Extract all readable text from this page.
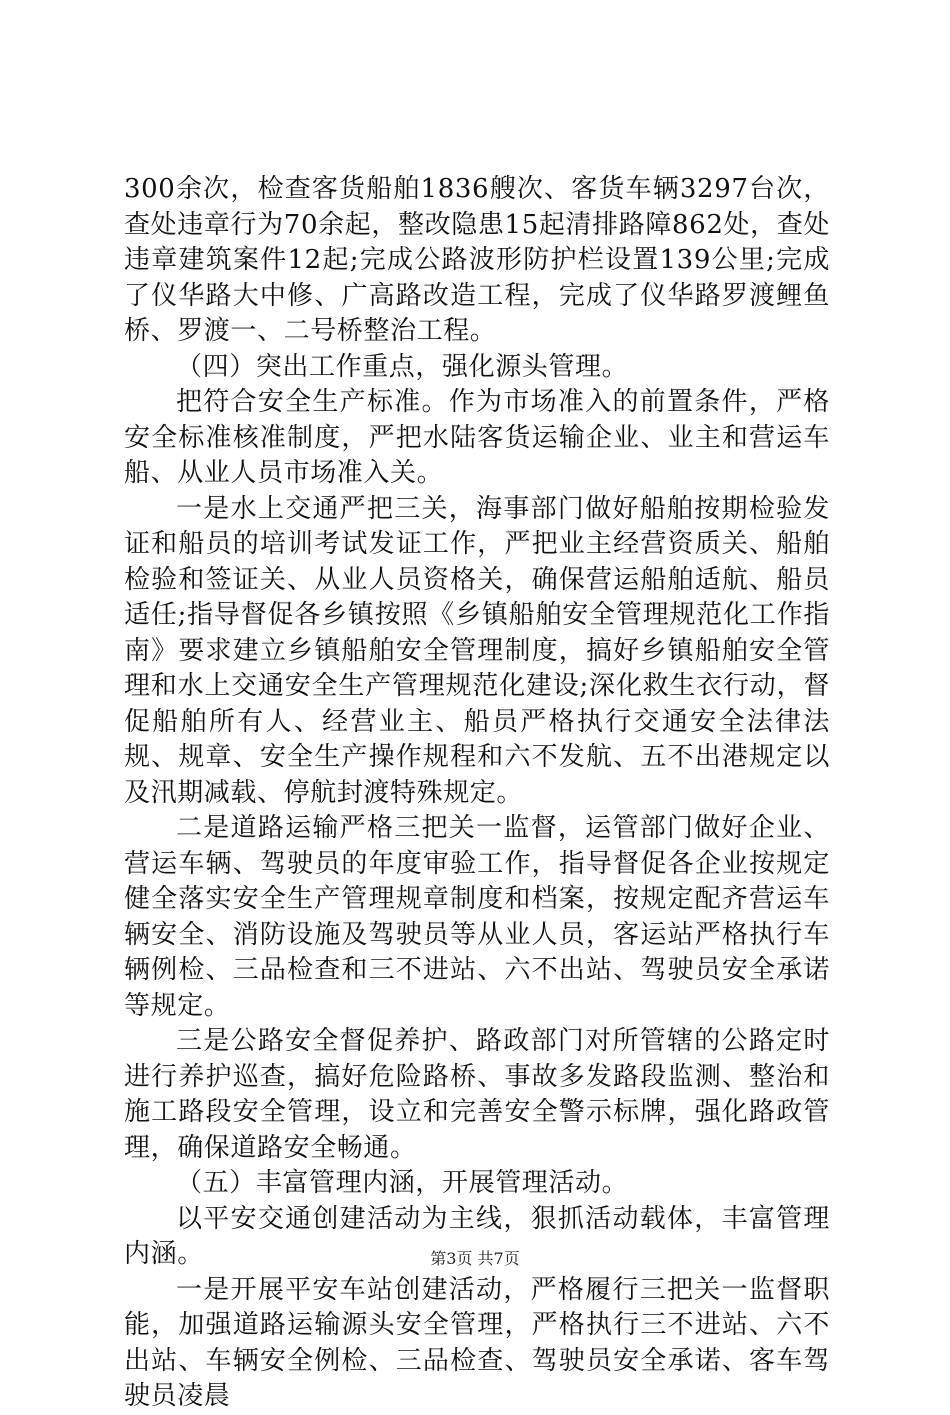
300余次，检查客货船舶1836艘次、客货车辆3297台次，查处违章行为70余起，整改隐患15起清排路障862处，查处违章建筑案件12起;完成公路波形防护栏设置139公里;完成了仪华路大中修、广高路改造工程，完成了仪华路罗渡鲤鱼桥、罗渡一、二号桥整治工程。

（四）突出工作重点，强化源头管理。

把符合安全生产标准。作为市场准入的前置条件，严格安全标准核准制度，严把水陆客货运输企业、业主和营运车船、从业人员市场准入关。

一是水上交通严把三关，海事部门做好船舶按期检验发证和船员的培训考试发证工作，严把业主经营资质关、船舶检验和签证关、从业人员资格关，确保营运船舶适航、船员适任;指导督促各乡镇按照《乡镇船舶安全管理规范化工作指南》要求建立乡镇船舶安全管理制度，搞好乡镇船舶安全管理和水上交通安全生产管理规范化建设;深化救生衣行动，督促船舶所有人、经营业主、船员严格执行交通安全法律法规、规章、安全生产操作规程和六不发航、五不出港规定以及汛期减载、停航封渡特殊规定。

二是道路运输严格三把关一监督，运管部门做好企业、营运车辆、驾驶员的年度审验工作，指导督促各企业按规定健全落实安全生产管理规章制度和档案，按规定配齐营运车辆安全、消防设施及驾驶员等从业人员，客运站严格执行车辆例检、三品检查和三不进站、六不出站、驾驶员安全承诺等规定。

三是公路安全督促养护、路政部门对所管辖的公路定时进行养护巡查，搞好危险路桥、事故多发路段监测、整治和施工路段安全管理，设立和完善安全警示标牌，强化路政管理，确保道路安全畅通。

（五）丰富管理内涵，开展管理活动。

以平安交通创建活动为主线，狠抓活动载体，丰富管理内涵。

一是开展平安车站创建活动，严格履行三把关一监督职能，加强道路运输源头安全管理，严格执行三不进站、六不出站、车辆安全例检、三品检查、驾驶员安全承诺、客车驾驶员凌晨

第3页 共7页
